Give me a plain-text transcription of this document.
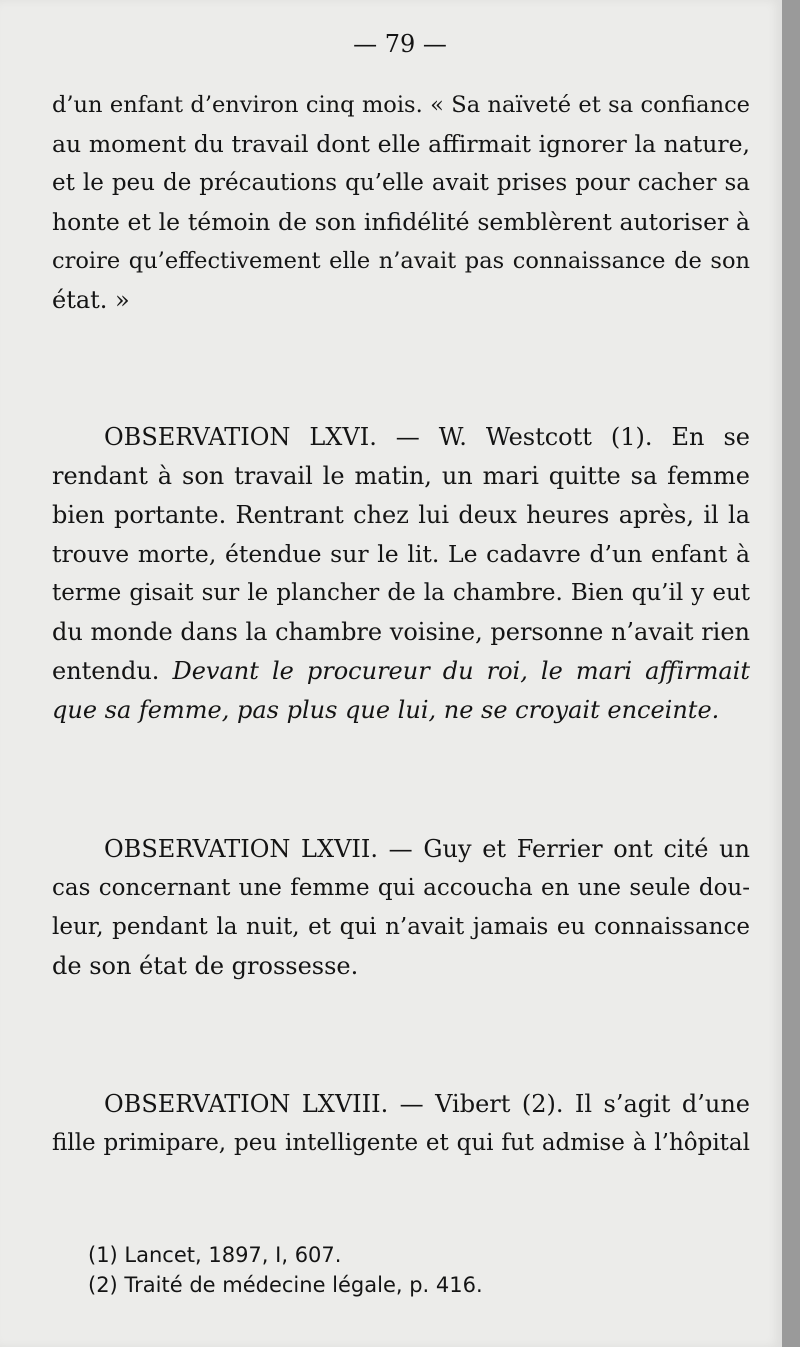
— 79 —
d’un enfant d’environ cinq mois. « Sa naïveté et sa confiance
au moment du travail dont elle affirmait ignorer la nature,
et le peu de précautions qu’elle avait prises pour cacher sa
honte et le témoin de son infidélité semblèrent autoriser à
croire qu’effectivement elle n’avait pas connaissance de son
état. »
OBSERVATION LXVI. — W. Westcott (1). En se
rendant à son travail le matin, un mari quitte sa femme
bien portante. Rentrant chez lui deux heures après, il la
trouve morte, étendue sur le lit. Le cadavre d’un enfant à
terme gisait sur le plancher de la chambre. Bien qu’il y eut
du monde dans la chambre voisine, personne n’avait rien
entendu. Devant le procureur du roi, le mari affirmait
que sa femme, pas plus que lui, ne se croyait enceinte.
OBSERVATION LXVII. — Guy et Ferrier ont cité un
cas concernant une femme qui accoucha en une seule dou-
leur, pendant la nuit, et qui n’avait jamais eu connaissance
de son état de grossesse.
OBSERVATION LXVIII. — Vibert (2). Il s’agit d’une
fille primipare, peu intelligente et qui fut admise à l’hôpital
(1) Lancet, 1897, I, 607.
(2) Traité de médecine légale, p. 416.
